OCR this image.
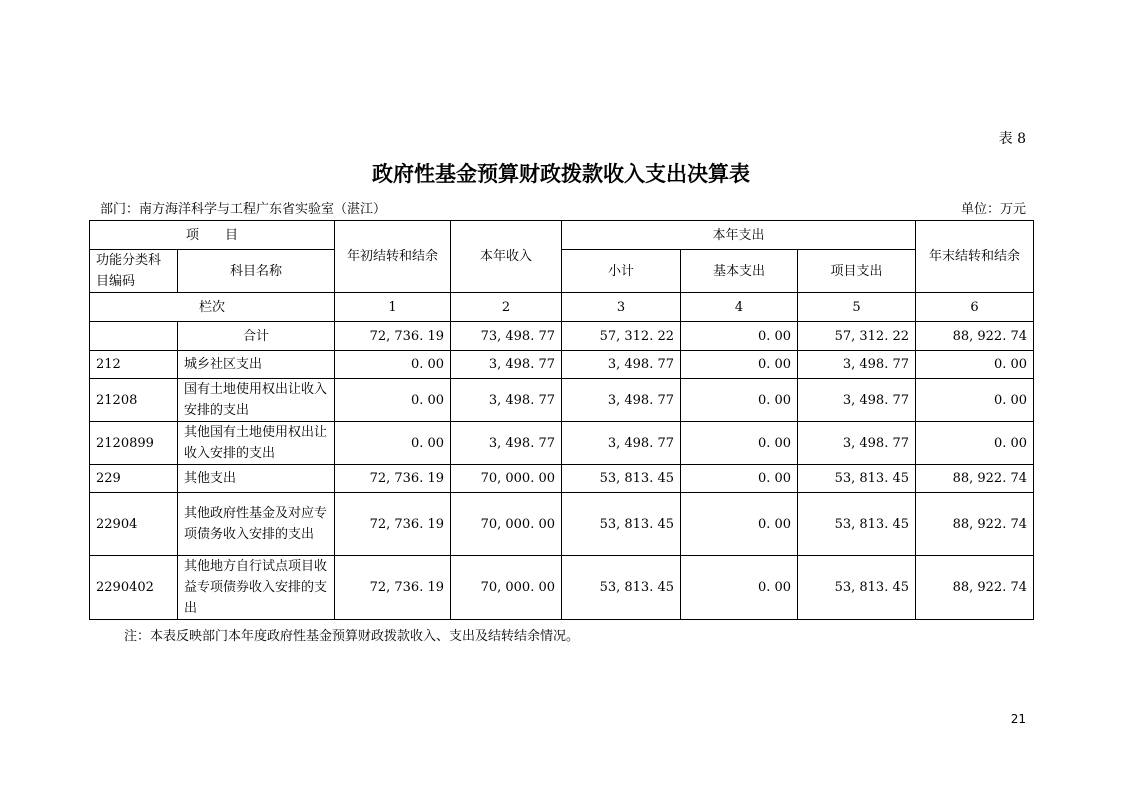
表 8
政府性基金预算财政拨款收入支出决算表
部门：南方海洋科学与工程广东省实验室（湛江）	单位：万元
项　　目		年初结转和结余	本年收入	本年支出			年末结转和结余
功能分类科目编码	科目名称			小计	基本支出	项目支出	
栏次		1	2	3	4	5	6
	合计	72, 736. 19	73, 498. 77	57, 312. 22	0. 00	57, 312. 22	88, 922. 74
212	城乡社区支出	0. 00	3, 498. 77	3, 498. 77	0. 00	3, 498. 77	0. 00
21208	国有土地使用权出让收入安排的支出	0. 00	3, 498. 77	3, 498. 77	0. 00	3, 498. 77	0. 00
2120899	其他国有土地使用权出让收入安排的支出	0. 00	3, 498. 77	3, 498. 77	0. 00	3, 498. 77	0. 00
229	其他支出	72, 736. 19	70, 000. 00	53, 813. 45	0. 00	53, 813. 45	88, 922. 74
22904	其他政府性基金及对应专项债务收入安排的支出	72, 736. 19	70, 000. 00	53, 813. 45	0. 00	53, 813. 45	88, 922. 74
2290402	其他地方自行试点项目收益专项债券收入安排的支出	72, 736. 19	70, 000. 00	53, 813. 45	0. 00	53, 813. 45	88, 922. 74
注：本表反映部门本年度政府性基金预算财政拨款收入、支出及结转结余情况。
21
